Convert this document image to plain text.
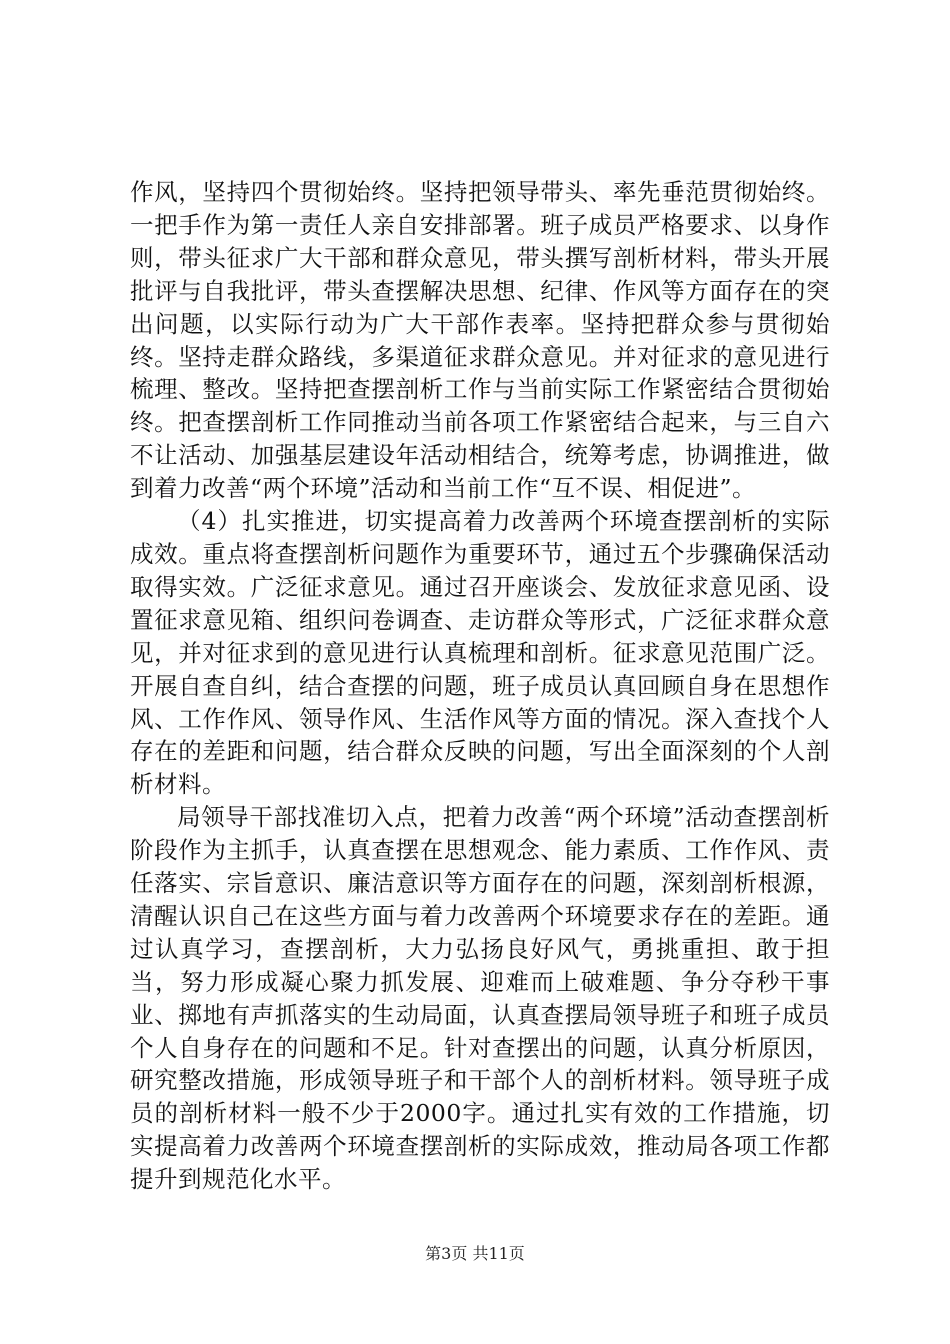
作风，坚持四个贯彻始终。坚持把领导带头、率先垂范贯彻始终。一把手作为第一责任人亲自安排部署。班子成员严格要求、以身作则，带头征求广大干部和群众意见，带头撰写剖析材料，带头开展批评与自我批评，带头查摆解决思想、纪律、作风等方面存在的突出问题，以实际行动为广大干部作表率。坚持把群众参与贯彻始终。坚持走群众路线，多渠道征求群众意见。并对征求的意见进行梳理、整改。坚持把查摆剖析工作与当前实际工作紧密结合贯彻始终。把查摆剖析工作同推动当前各项工作紧密结合起来，与三自六不让活动、加强基层建设年活动相结合，统筹考虑，协调推进，做到着力改善“两个环境”活动和当前工作“互不误、相促进”。

（4）扎实推进，切实提高着力改善两个环境查摆剖析的实际成效。重点将查摆剖析问题作为重要环节，通过五个步骤确保活动取得实效。广泛征求意见。通过召开座谈会、发放征求意见函、设置征求意见箱、组织问卷调查、走访群众等形式，广泛征求群众意见，并对征求到的意见进行认真梳理和剖析。征求意见范围广泛。开展自查自纠，结合查摆的问题，班子成员认真回顾自身在思想作风、工作作风、领导作风、生活作风等方面的情况。深入查找个人存在的差距和问题，结合群众反映的问题，写出全面深刻的个人剖析材料。

局领导干部找准切入点，把着力改善“两个环境”活动查摆剖析阶段作为主抓手，认真查摆在思想观念、能力素质、工作作风、责任落实、宗旨意识、廉洁意识等方面存在的问题，深刻剖析根源，清醒认识自己在这些方面与着力改善两个环境要求存在的差距。通过认真学习，查摆剖析，大力弘扬良好风气，勇挑重担、敢于担当，努力形成凝心聚力抓发展、迎难而上破难题、争分夺秒干事业、掷地有声抓落实的生动局面，认真查摆局领导班子和班子成员个人自身存在的问题和不足。针对查摆出的问题，认真分析原因，研究整改措施，形成领导班子和干部个人的剖析材料。领导班子成员的剖析材料一般不少于2000字。通过扎实有效的工作措施，切实提高着力改善两个环境查摆剖析的实际成效，推动局各项工作都提升到规范化水平。

第3页 共11页
